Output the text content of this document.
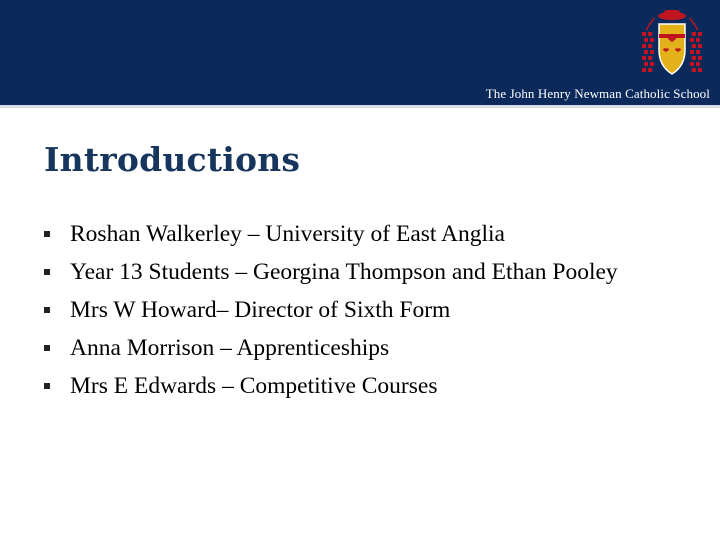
The John Henry Newman Catholic School
Introductions
Roshan Walkerley – University of East Anglia
Year 13 Students – Georgina Thompson and Ethan Pooley
Mrs W Howard– Director of Sixth Form
Anna Morrison – Apprenticeships
Mrs E Edwards – Competitive Courses
